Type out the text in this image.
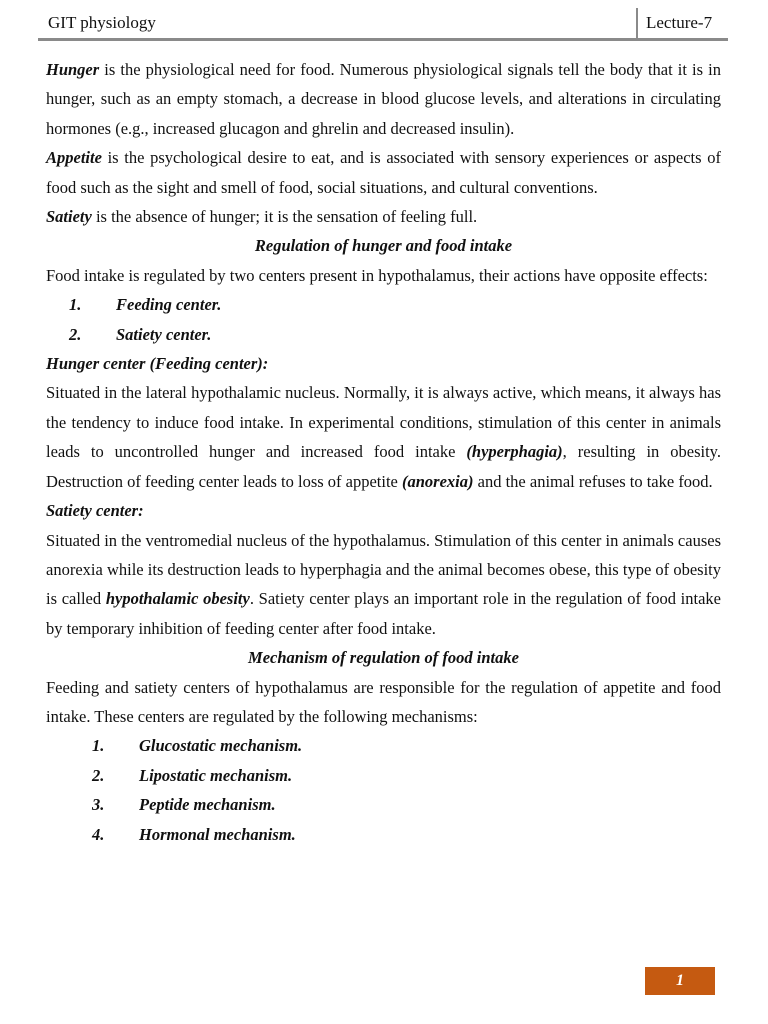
GIT physiology	Lecture-7

Hunger is the physiological need for food. Numerous physiological signals tell the body that it is in hunger, such as an empty stomach, a decrease in blood glucose levels, and alterations in circulating hormones (e.g., increased glucagon and ghrelin and decreased insulin).

Appetite is the psychological desire to eat, and is associated with sensory experiences or aspects of food such as the sight and smell of food, social situations, and cultural conventions.

Satiety is the absence of hunger; it is the sensation of feeling full.

Regulation of hunger and food intake

Food intake is regulated by two centers present in hypothalamus, their actions have opposite effects:

1.	Feeding center.
2.	Satiety center.

Hunger center (Feeding center):

Situated in the lateral hypothalamic nucleus. Normally, it is always active, which means, it always has the tendency to induce food intake. In experimental conditions, stimulation of this center in animals leads to uncontrolled hunger and increased food intake (hyperphagia), resulting in obesity. Destruction of feeding center leads to loss of appetite (anorexia) and the animal refuses to take food.

Satiety center:

Situated in the ventromedial nucleus of the hypothalamus. Stimulation of this center in animals causes anorexia while its destruction leads to hyperphagia and the animal becomes obese, this type of obesity is called hypothalamic obesity. Satiety center plays an important role in the regulation of food intake by temporary inhibition of feeding center after food intake.

Mechanism of regulation of food intake

Feeding and satiety centers of hypothalamus are responsible for the regulation of appetite and food intake. These centers are regulated by the following mechanisms:

1.	Glucostatic mechanism.
2.	Lipostatic mechanism.
3.	Peptide mechanism.
4.	Hormonal mechanism.
1
